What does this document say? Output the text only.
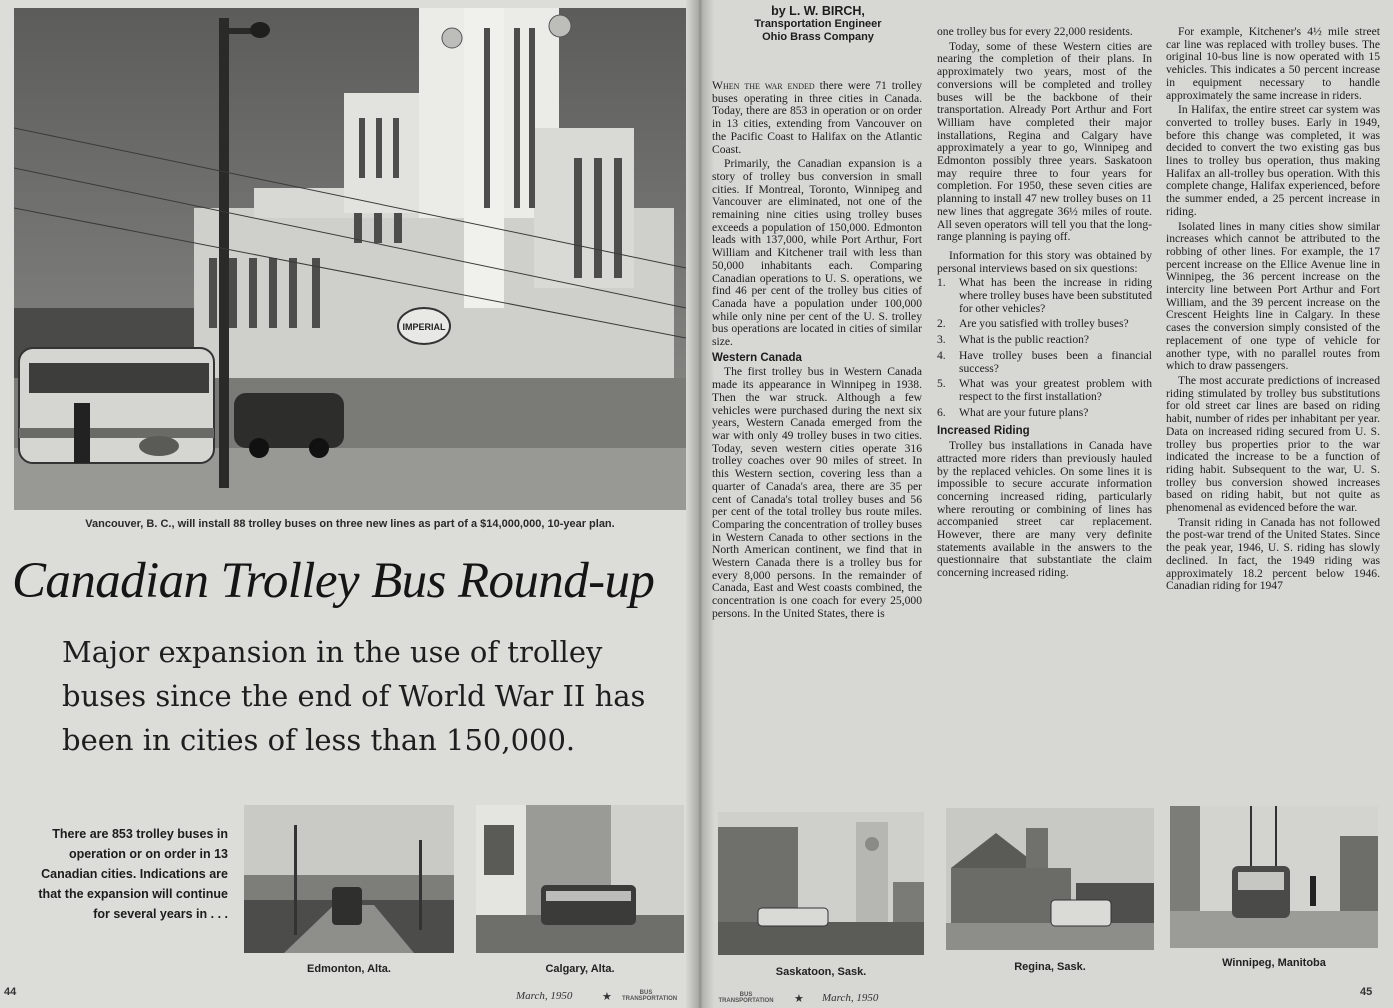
IMPERIAL
Vancouver, B. C., will install 88 trolley buses on three new lines as part of a $14,000,000, 10-year plan.
Canadian Trolley Bus Round-up
Major expansion in the use of trolley buses since the end of World War II has been in cities of less than 150,000.
There are 853 trolley buses in operation or on order in 13 Canadian cities. Indications are that the expansion will continue for several years in . . .
Edmonton, Alta.	Calgary, Alta.
44	March, 1950	★	BUS
TRANSPORTATION
by L. W. BIRCH,
Transportation Engineer
Ohio Brass Company

When the war ended there were 71 trolley buses operating in three cities in Canada. Today, there are 853 in operation or on order in 13 cities, extending from Vancouver on the Pacific Coast to Halifax on the Atlantic Coast.

Primarily, the Canadian expansion is a story of trolley bus conversion in small cities. If Montreal, Toronto, Winnipeg and Vancouver are eliminated, not one of the remaining nine cities using trolley buses exceeds a population of 150,000. Edmonton leads with 137,000, while Port Arthur, Fort William and Kitchener trail with less than 50,000 inhabitants each. Comparing Canadian operations to U. S. operations, we find 46 per cent of the trolley bus cities of Canada have a population under 100,000 while only nine per cent of the U. S. trolley bus operations are located in cities of similar size.

Western Canada

The first trolley bus in Western Canada made its appearance in Winnipeg in 1938. Then the war struck. Although a few vehicles were purchased during the next six years, Western Canada emerged from the war with only 49 trolley buses in two cities. Today, seven western cities operate 316 trolley coaches over 90 miles of street. In this Western section, covering less than a quarter of Canada's area, there are 35 per cent of Canada's total trolley buses and 56 per cent of the total trolley bus route miles. Comparing the concentration of trolley buses in Western Canada to other sections in the North American continent, we find that in Western Canada there is a trolley bus for every 8,000 persons. In the remainder of Canada, East and West coasts combined, the concentration is one coach for every 25,000 persons. In the United States, there is

one trolley bus for every 22,000 residents.

Today, some of these Western cities are nearing the completion of their plans. In approximately two years, most of the conversions will be completed and trolley buses will be the backbone of their transportation. Already Port Arthur and Fort William have completed their major installations, Regina and Calgary have approximately a year to go, Winnipeg and Edmonton possibly three years. Saskatoon may require three to four years for completion. For 1950, these seven cities are planning to install 47 new trolley buses on 11 new lines that aggregate 36½ miles of route. All seven operators will tell you that the long-range planning is paying off.

Information for this story was obtained by personal interviews based on six questions:

1.	What has been the increase in riding where trolley buses have been substituted for other vehicles?
2.	Are you satisfied with trolley buses?
3.	What is the public reaction?
4.	Have trolley buses been a financial success?
5.	What was your greatest problem with respect to the first installation?
6.	What are your future plans?
Increased Riding

Trolley bus installations in Canada have attracted more riders than previously hauled by the replaced vehicles. On some lines it is impossible to secure accurate information concerning increased riding, particularly where rerouting or combining of lines has accompanied street car replacement. However, there are many very definite statements available in the answers to the questionnaire that substantiate the claim concerning increased riding.

For example, Kitchener's 4½ mile street car line was replaced with trolley buses. The original 10-bus line is now operated with 15 vehicles. This indicates a 50 percent increase in equipment necessary to handle approximately the same increase in riders.

In Halifax, the entire street car system was converted to trolley buses. Early in 1949, before this change was completed, it was decided to convert the two existing gas bus lines to trolley bus operation, thus making Halifax an all-trolley bus operation. With this complete change, Halifax experienced, before the summer ended, a 25 percent increase in riding.

Isolated lines in many cities show similar increases which cannot be attributed to the robbing of other lines. For example, the 17 percent increase on the Ellice Avenue line in Winnipeg, the 36 percent increase on the intercity line between Port Arthur and Fort William, and the 39 percent increase on the Crescent Heights line in Calgary. In these cases the conversion simply consisted of the replacement of one type of vehicle for another type, with no parallel routes from which to draw passengers.

The most accurate predictions of increased riding stimulated by trolley bus substitutions for old street car lines are based on riding habit, number of rides per inhabitant per year. Data on increased riding secured from U. S. trolley bus properties prior to the war indicated the increase to be a function of riding habit. Subsequent to the war, U. S. trolley bus conversion showed increases based on riding habit, but not quite as phenomenal as evidenced before the war.

Transit riding in Canada has not followed the post-war trend of the United States. Since the peak year, 1946, U. S. riding has slowly declined. In fact, the 1949 riding was approximately 18.2 percent below 1946. Canadian riding for 1947

Saskatoon, Sask.	Regina, Sask.	Winnipeg, Manitoba
BUS
TRANSPORTATION ★ March, 1950	45
